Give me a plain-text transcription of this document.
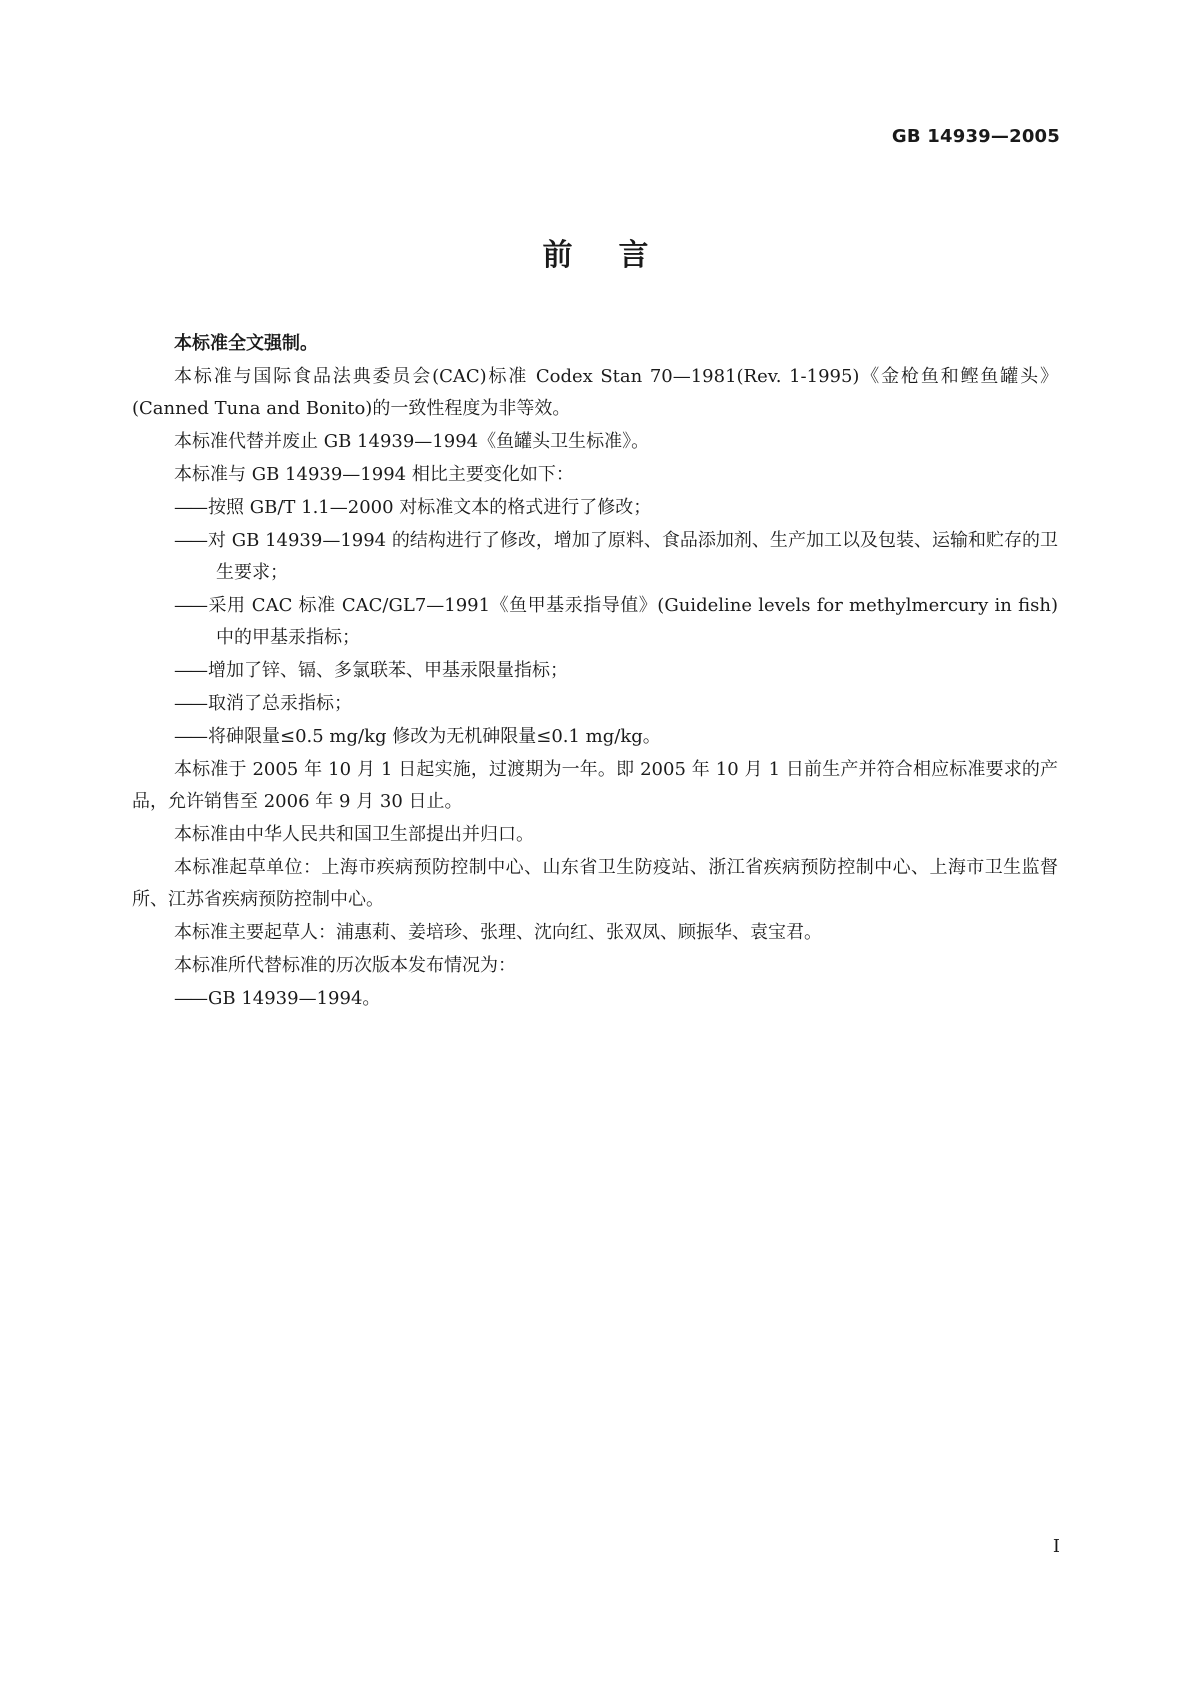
GB 14939—2005
前言

本标准全文强制。

本标准与国际食品法典委员会(CAC)标准 Codex Stan 70—1981(Rev. 1-1995)《金枪鱼和鲣鱼罐头》(Canned Tuna and Bonito)的一致性程度为非等效。

本标准代替并废止 GB 14939—1994《鱼罐头卫生标准》。

本标准与 GB 14939—1994 相比主要变化如下：

—— 按照 GB/T 1.1—2000 对标准文本的格式进行了修改；

—— 对 GB 14939—1994 的结构进行了修改，增加了原料、食品添加剂、生产加工以及包装、运输和贮存的卫生要求；

—— 采用 CAC 标准 CAC/GL7—1991《鱼甲基汞指导值》(Guideline levels for methylmercury in fish)中的甲基汞指标；

—— 增加了锌、镉、多氯联苯、甲基汞限量指标；

—— 取消了总汞指标；

—— 将砷限量≤0.5 mg/kg 修改为无机砷限量≤0.1 mg/kg。

本标准于 2005 年 10 月 1 日起实施，过渡期为一年。即 2005 年 10 月 1 日前生产并符合相应标准要求的产品，允许销售至 2006 年 9 月 30 日止。

本标准由中华人民共和国卫生部提出并归口。

本标准起草单位：上海市疾病预防控制中心、山东省卫生防疫站、浙江省疾病预防控制中心、上海市卫生监督所、江苏省疾病预防控制中心。

本标准主要起草人：浦惠莉、姜培珍、张理、沈向红、张双凤、顾振华、袁宝君。

本标准所代替标准的历次版本发布情况为：

—— GB 14939—1994。

I
